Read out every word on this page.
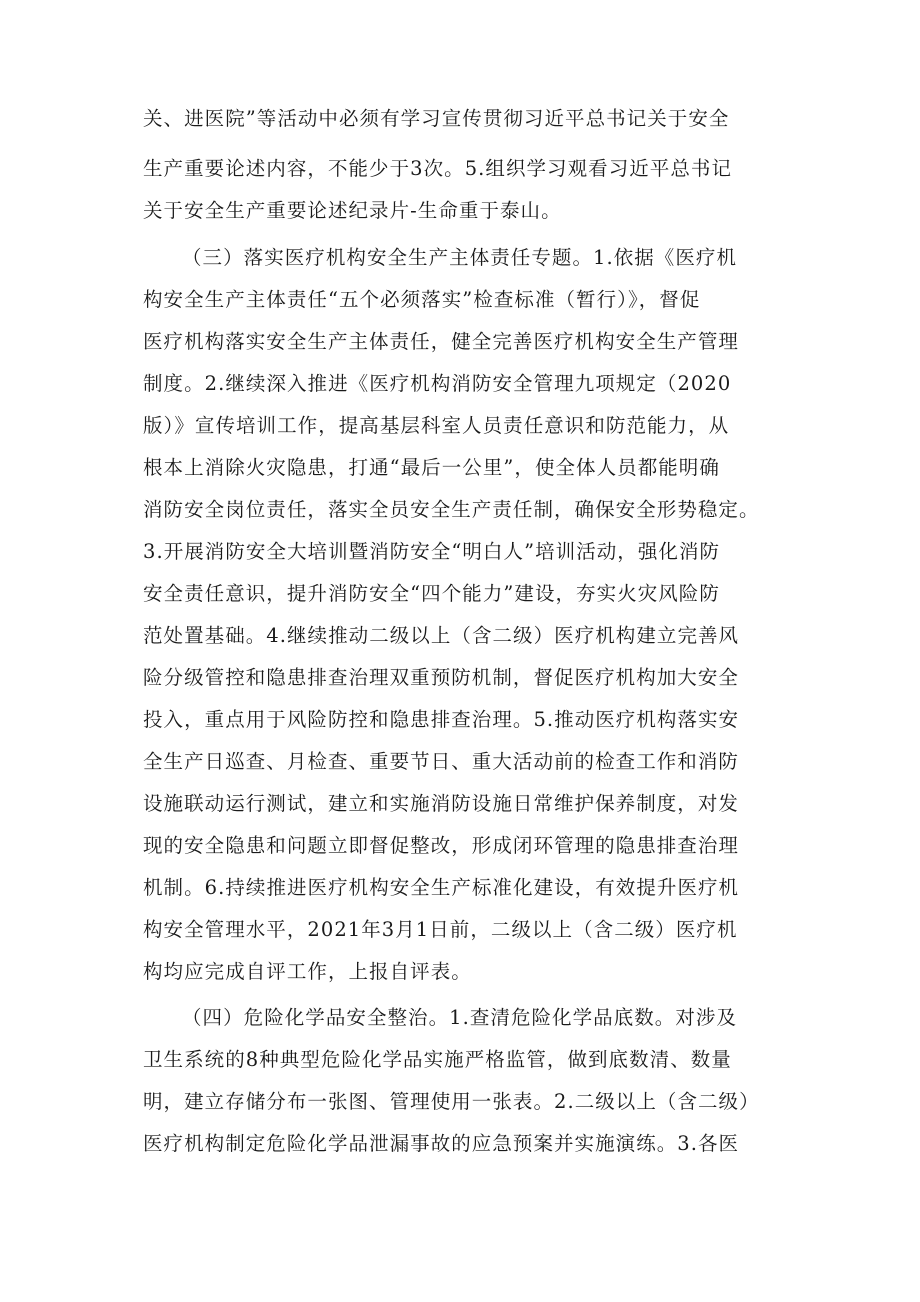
关、进医院”等活动中必须有学习宣传贯彻习近平总书记关于安全
生产重要论述内容，不能少于3次。5.组织学习观看习近平总书记
关于安全生产重要论述纪录片-生命重于泰山。
（三）落实医疗机构安全生产主体责任专题。1.依据《医疗机
构安全生产主体责任“五个必须落实”检查标准（暂行）》，督促
医疗机构落实安全生产主体责任，健全完善医疗机构安全生产管理
制度。2.继续深入推进《医疗机构消防安全管理九项规定（2020
版）》宣传培训工作，提高基层科室人员责任意识和防范能力，从
根本上消除火灾隐患，打通“最后一公里”，使全体人员都能明确
消防安全岗位责任，落实全员安全生产责任制，确保安全形势稳定。
3.开展消防安全大培训暨消防安全“明白人”培训活动，强化消防
安全责任意识，提升消防安全“四个能力”建设，夯实火灾风险防
范处置基础。4.继续推动二级以上（含二级）医疗机构建立完善风
险分级管控和隐患排查治理双重预防机制，督促医疗机构加大安全
投入，重点用于风险防控和隐患排查治理。5.推动医疗机构落实安
全生产日巡查、月检查、重要节日、重大活动前的检查工作和消防
设施联动运行测试，建立和实施消防设施日常维护保养制度，对发
现的安全隐患和问题立即督促整改，形成闭环管理的隐患排查治理
机制。6.持续推进医疗机构安全生产标准化建设，有效提升医疗机
构安全管理水平，2021年3月1日前，二级以上（含二级）医疗机
构均应完成自评工作，上报自评表。
（四）危险化学品安全整治。1.查清危险化学品底数。对涉及
卫生系统的8种典型危险化学品实施严格监管，做到底数清、数量
明，建立存储分布一张图、管理使用一张表。2.二级以上（含二级）
医疗机构制定危险化学品泄漏事故的应急预案并实施演练。3.各医
